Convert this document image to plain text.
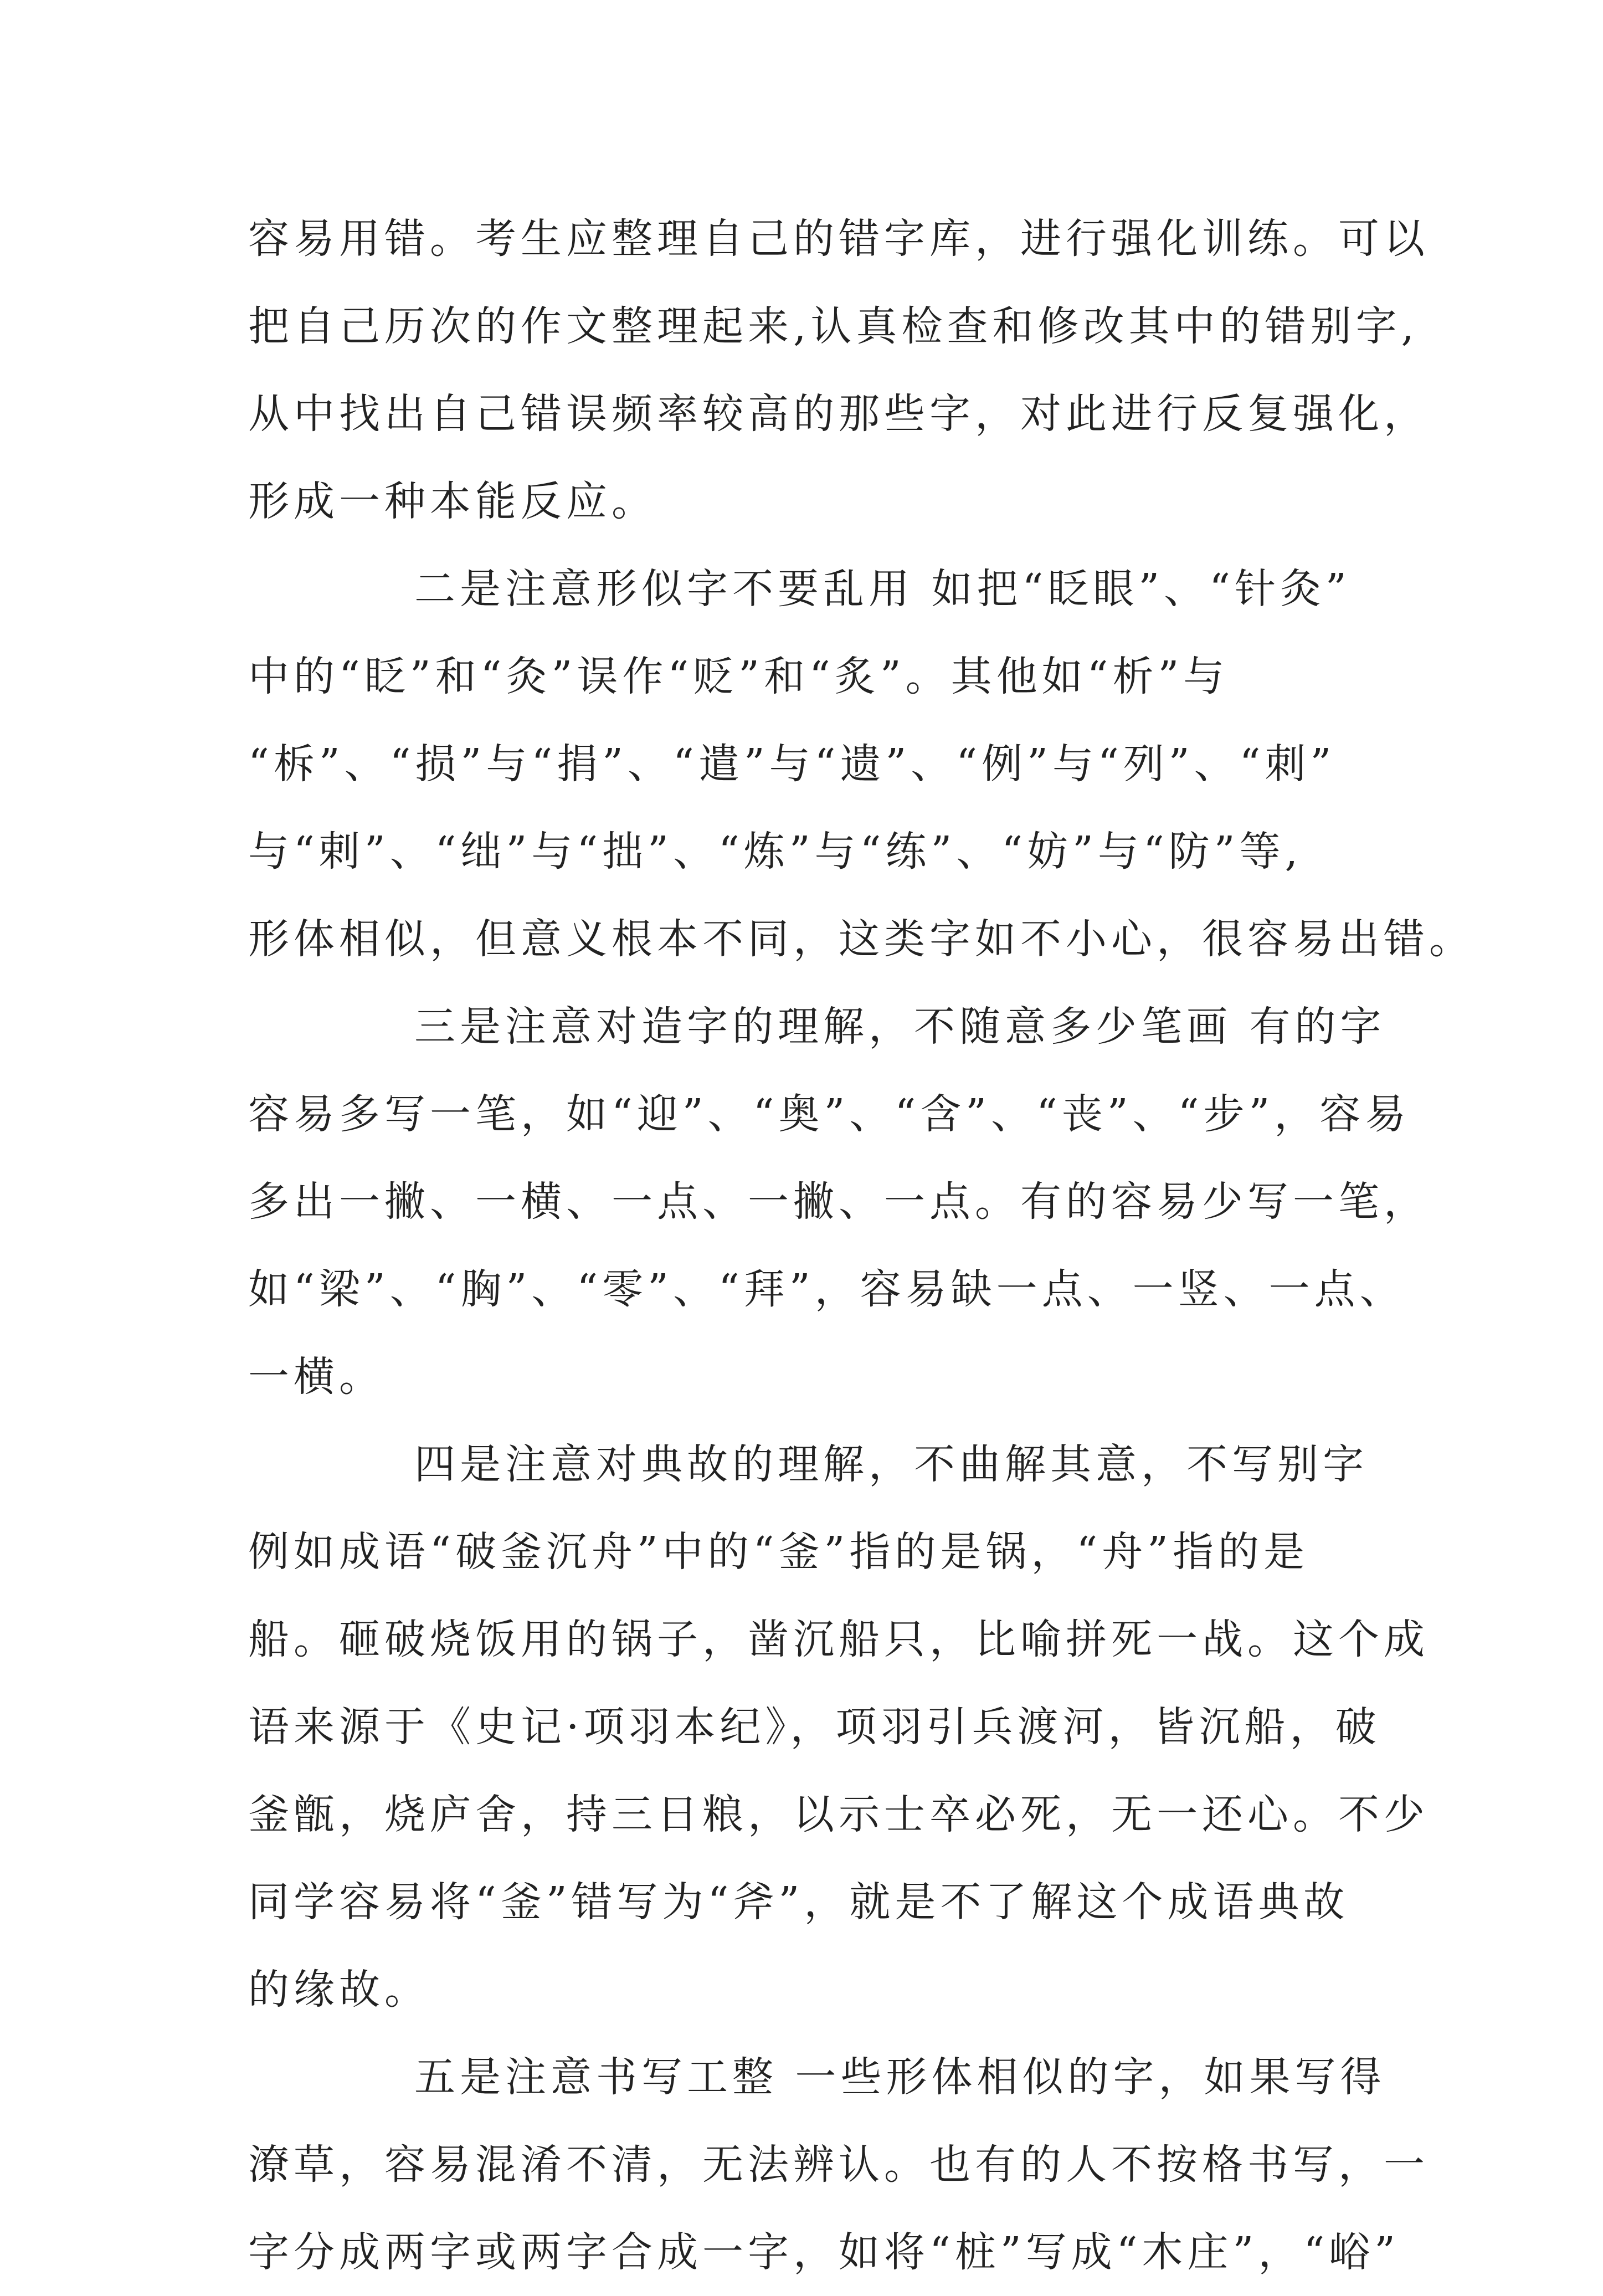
容易用错。考生应整理自己的错字库，进行强化训练。可以
把自己历次的作文整理起来,认真检查和修改其中的错别字,
从中找出自己错误频率较高的那些字，对此进行反复强化，
形成一种本能反应。
二是注意形似字不要乱用 如把“眨眼”、“针灸”
中的“眨”和“灸”误作“贬”和“炙”。其他如“析”与
“柝”、“损”与“捐”、“遣”与“遗”、“例”与“列”、“刺”
与“剌”、“绌”与“拙”、“炼”与“练”、“妨”与“防”等,
形体相似，但意义根本不同，这类字如不小心，很容易出错。
三是注意对造字的理解，不随意多少笔画 有的字
容易多写一笔，如“迎”、“奥”、“含”、“丧”、“步”，容易
多出一撇、一横、一点、一撇、一点。有的容易少写一笔，
如“梁”、“胸”、“零”、“拜”，容易缺一点、一竖、一点、
一横。
四是注意对典故的理解，不曲解其意，不写别字
例如成语“破釜沉舟”中的“釜”指的是锅，“舟”指的是
船。砸破烧饭用的锅子，凿沉船只，比喻拼死一战。这个成
语来源于《史记·项羽本纪》，项羽引兵渡河，皆沉船，破
釜甑，烧庐舍，持三日粮，以示士卒必死，无一还心。不少
同学容易将“釜”错写为“斧”，就是不了解这个成语典故
的缘故。
五是注意书写工整 一些形体相似的字，如果写得
潦草，容易混淆不清，无法辨认。也有的人不按格书写，一
字分成两字或两字合成一字，如将“桩”写成“木庄”，“峪”
